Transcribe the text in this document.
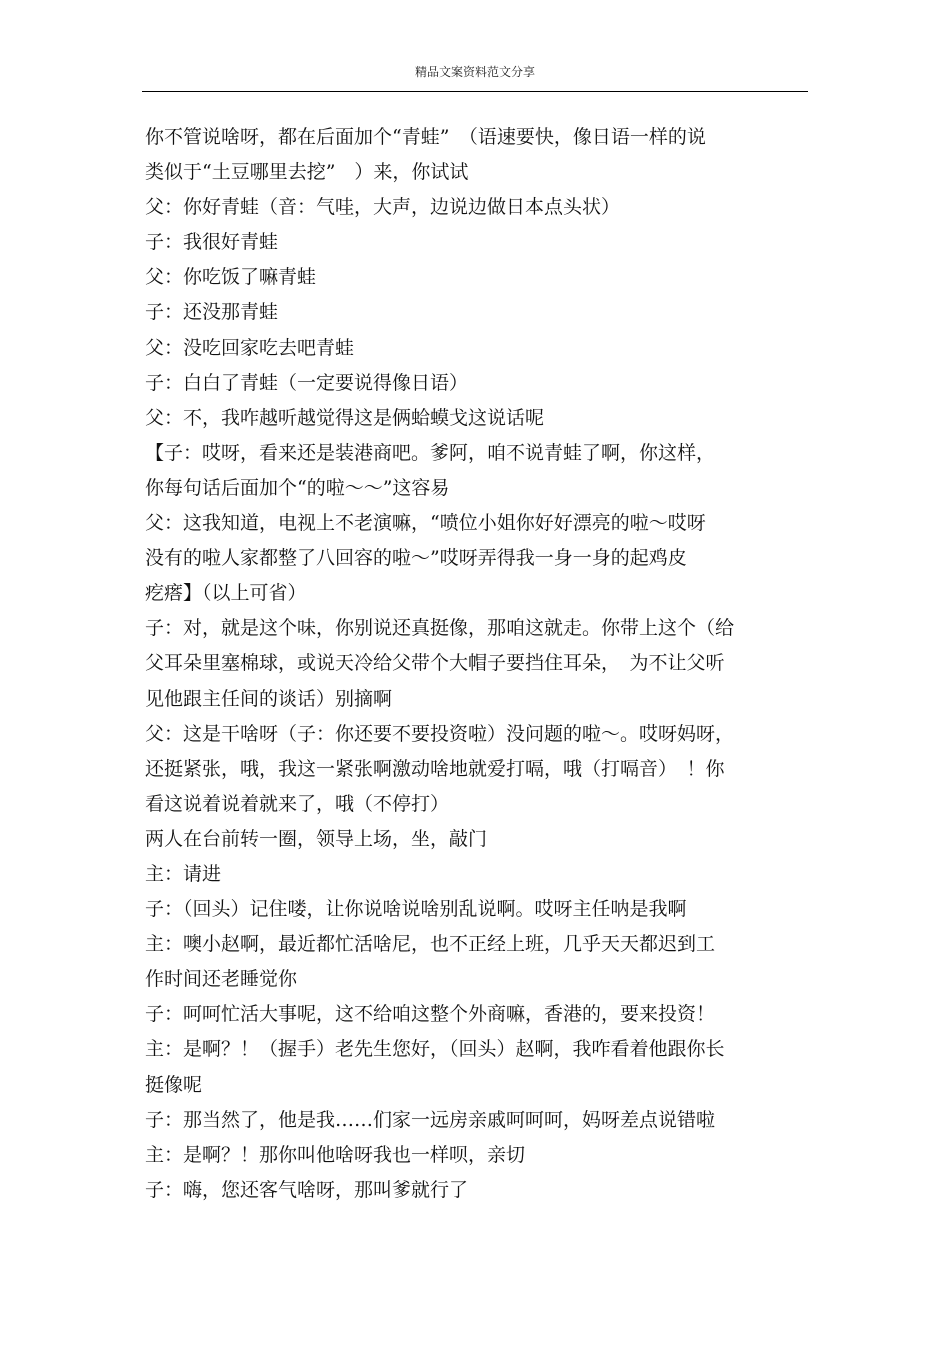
精品文案资料范文分享
你不管说啥呀，都在后面加个“青蛙”　（语速要快，像日语一样的说
类似于“土豆哪里去挖”　）来，你试试
父：你好青蛙（音：气哇，大声，边说边做日本点头状）
子：我很好青蛙
父：你吃饭了嘛青蛙
子：还没那青蛙
父：没吃回家吃去吧青蛙
子：白白了青蛙（一定要说得像日语）
父：不，我咋越听越觉得这是俩蛤蟆戈这说话呢
【子：哎呀，看来还是装港商吧。爹阿，咱不说青蛙了啊，你这样，
你每句话后面加个“的啦～～”这容易
父：这我知道，电视上不老演嘛，“喷位小姐你好好漂亮的啦～哎呀
没有的啦人家都整了八回容的啦～”哎呀弄得我一身一身的起鸡皮
疙瘩】（以上可省）
子：对，就是这个味，你别说还真挺像，那咱这就走。你带上这个（给
父耳朵里塞棉球，或说天冷给父带个大帽子要挡住耳朵，　为不让父听
见他跟主任间的谈话）别摘啊
父：这是干啥呀（子：你还要不要投资啦）没问题的啦～。哎呀妈呀，
还挺紧张，哦，我这一紧张啊激动啥地就爱打嗝，哦（打嗝音）　！你
看这说着说着就来了，哦（不停打）
两人在台前转一圈，领导上场，坐，敲门
主：请进
子：（回头）记住喽，让你说啥说啥别乱说啊。哎呀主任呐是我啊
主：噢小赵啊，最近都忙活啥尼，也不正经上班，几乎天天都迟到工
作时间还老睡觉你
子：呵呵忙活大事呢，这不给咱这整个外商嘛，香港的，要来投资！
主：是啊？！（握手）老先生您好，（回头）赵啊，我咋看着他跟你长
挺像呢
子：那当然了，他是我……们家一远房亲戚呵呵呵，妈呀差点说错啦
主：是啊？！那你叫他啥呀我也一样呗，亲切
子：嗨，您还客气啥呀，那叫爹就行了
